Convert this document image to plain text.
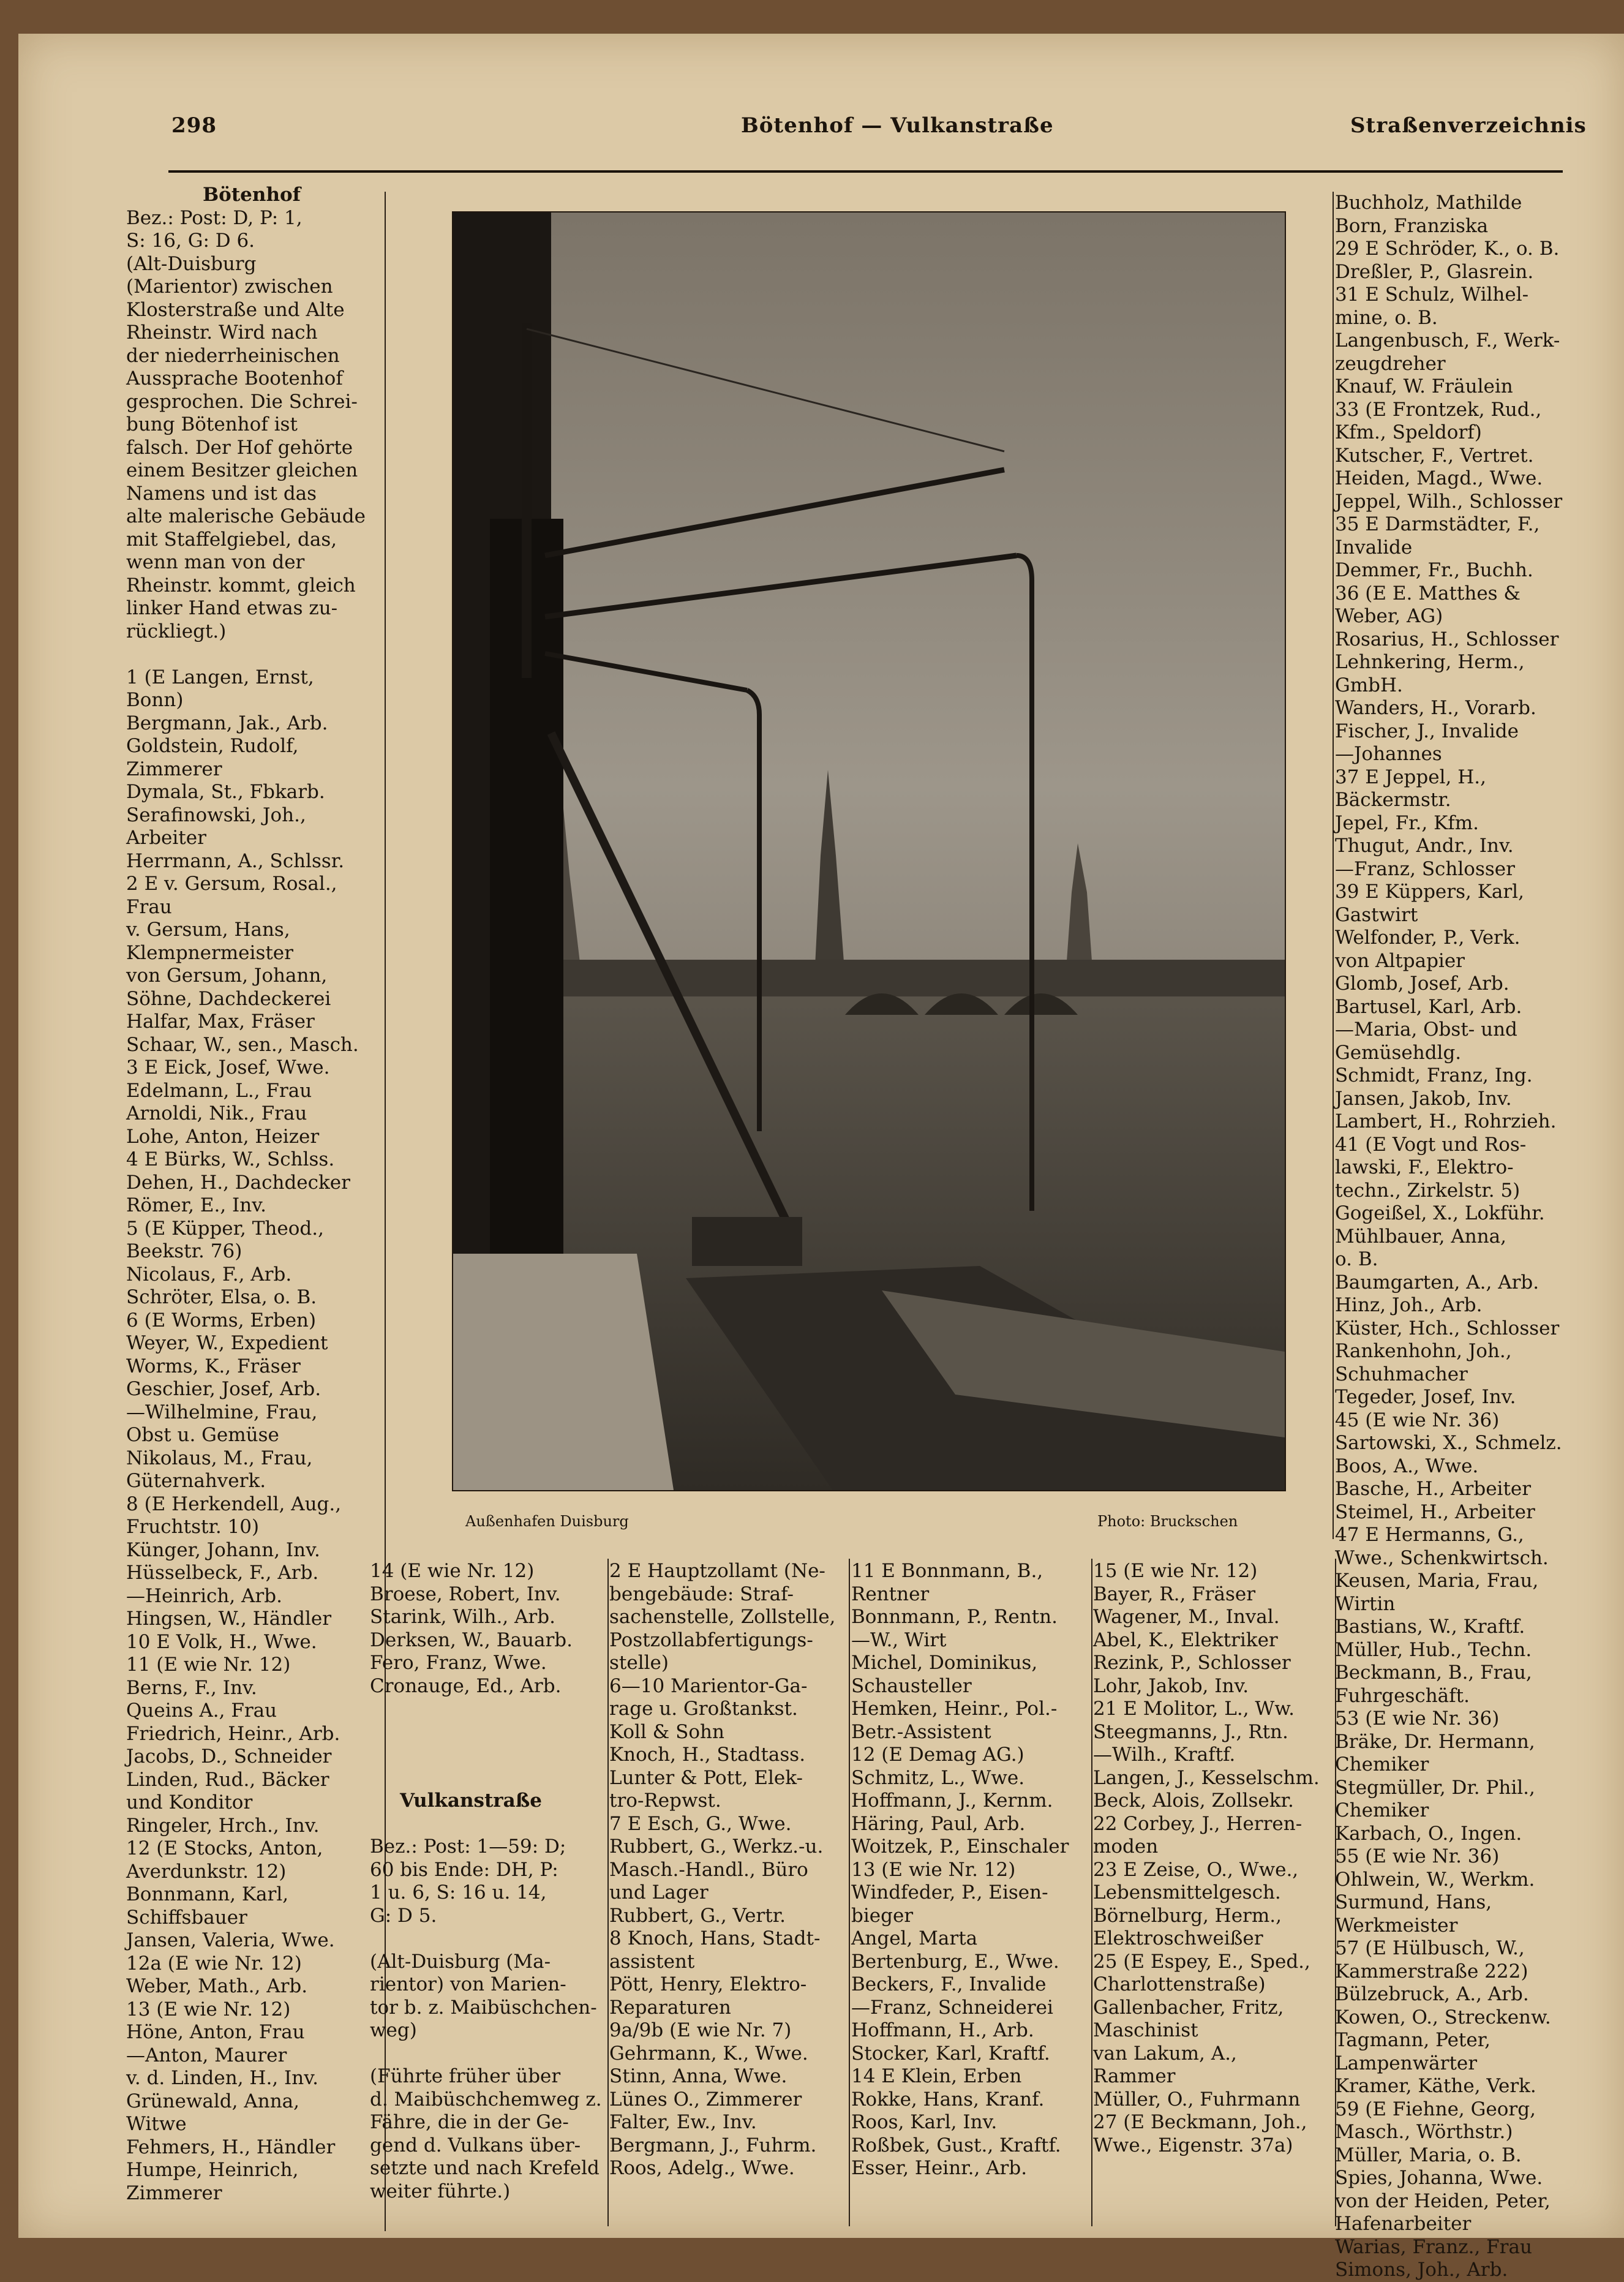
298	Bötenhof — Vulkanstraße	Straßenverzeichnis
Bötenhof
Bez.: Post: D, P: 1,
S: 16, G: D 6.
(Alt-Duisburg
(Marientor) zwischen
Klosterstraße und Alte
Rheinstr. Wird nach
der niederrheinischen
Aussprache Bootenhof
gesprochen. Die Schrei-
bung Bötenhof ist
falsch. Der Hof gehörte
einem Besitzer gleichen
Namens und ist das
alte malerische Gebäude
mit Staffelgiebel, das,
wenn man von der
Rheinstr. kommt, gleich
linker Hand etwas zu-
rückliegt.)

1 (E Langen, Ernst,
Bonn)
Bergmann, Jak., Arb.
Goldstein, Rudolf,
Zimmerer
Dymala, St., Fbkarb.
Serafinowski, Joh.,
Arbeiter
Herrmann, A., Schlssr.
2 E v. Gersum, Rosal.,
Frau
v. Gersum, Hans,
Klempnermeister
von Gersum, Johann,
Söhne, Dachdeckerei
Halfar, Max, Fräser
Schaar, W., sen., Masch.
3 E Eick, Josef, Wwe.
Edelmann, L., Frau
Arnoldi, Nik., Frau
Lohe, Anton, Heizer
4 E Bürks, W., Schlss.
Dehen, H., Dachdecker
Römer, E., Inv.
5 (E Küpper, Theod.,
Beekstr. 76)
Nicolaus, F., Arb.
Schröter, Elsa, o. B.
6 (E Worms, Erben)
Weyer, W., Expedient
Worms, K., Fräser
Geschier, Josef, Arb.
—Wilhelmine, Frau,
Obst u. Gemüse
Nikolaus, M., Frau,
Güternahverk.
8 (E Herkendell, Aug.,
Fruchtstr. 10)
Künger, Johann, Inv.
Hüsselbeck, F., Arb.
—Heinrich, Arb.
Hingsen, W., Händler
10 E Volk, H., Wwe.
11 (E wie Nr. 12)
Berns, F., Inv.
Queins A., Frau
Friedrich, Heinr., Arb.
Jacobs, D., Schneider
Linden, Rud., Bäcker
und Konditor
Ringeler, Hrch., Inv.
12 (E Stocks, Anton,
Averdunkstr. 12)
Bonnmann, Karl,
Schiffsbauer
Jansen, Valeria, Wwe.
12a (E wie Nr. 12)
Weber, Math., Arb.
13 (E wie Nr. 12)
Höne, Anton, Frau
—Anton, Maurer
v. d. Linden, H., Inv.
Grünewald, Anna,
Witwe
Fehmers, H., Händler
Humpe, Heinrich,
Zimmerer
Außenhafen Duisburg	Photo: Bruckschen
14 (E wie Nr. 12)
Broese, Robert, Inv.
Starink, Wilh., Arb.
Derksen, W., Bauarb.
Fero, Franz, Wwe.
Cronauge, Ed., Arb.

Vulkanstraße

Bez.: Post: 1—59: D;
60 bis Ende: DH, P:
1 u. 6, S: 16 u. 14,
G: D 5.

(Alt-Duisburg (Ma-
rientor) von Marien-
tor b. z. Maibüschchen-
weg)

(Führte früher über
d. Maibüschchemweg z.
Fähre, die in der Ge-
gend d. Vulkans über-
setzte und nach Krefeld
weiter führte.)
2 E Hauptzollamt (Ne-
bengebäude: Straf-
sachenstelle, Zollstelle,
Postzollabfertigungs-
stelle)
6—10 Marientor-Ga-
rage u. Großtankst.
Koll & Sohn
Knoch, H., Stadtass.
Lunter & Pott, Elek-
tro-Repwst.
7 E Esch, G., Wwe.
Rubbert, G., Werkz.-u.
Masch.-Handl., Büro
und Lager
Rubbert, G., Vertr.
8 Knoch, Hans, Stadt-
assistent
Pött, Henry, Elektro-
Reparaturen
9a/9b (E wie Nr. 7)
Gehrmann, K., Wwe.
Stinn, Anna, Wwe.
Lünes O., Zimmerer
Falter, Ew., Inv.
Bergmann, J., Fuhrm.
Roos, Adelg., Wwe.
11 E Bonnmann, B.,
Rentner
Bonnmann, P., Rentn.
—W., Wirt
Michel, Dominikus,
Schausteller
Hemken, Heinr., Pol.-
Betr.-Assistent
12 (E Demag AG.)
Schmitz, L., Wwe.
Hoffmann, J., Kernm.
Häring, Paul, Arb.
Woitzek, P., Einschaler
13 (E wie Nr. 12)
Windfeder, P., Eisen-
bieger
Angel, Marta
Bertenburg, E., Wwe.
Beckers, F., Invalide
—Franz, Schneiderei
Hoffmann, H., Arb.
Stocker, Karl, Kraftf.
14 E Klein, Erben
Rokke, Hans, Kranf.
Roos, Karl, Inv.
Roßbek, Gust., Kraftf.
Esser, Heinr., Arb.
15 (E wie Nr. 12)
Bayer, R., Fräser
Wagener, M., Inval.
Abel, K., Elektriker
Rezink, P., Schlosser
Lohr, Jakob, Inv.
21 E Molitor, L., Ww.
Steegmanns, J., Rtn.
—Wilh., Kraftf.
Langen, J., Kesselschm.
Beck, Alois, Zollsekr.
22 Corbey, J., Herren-
moden
23 E Zeise, O., Wwe.,
Lebensmittelgesch.
Börnelburg, Herm.,
Elektroschweißer
25 (E Espey, E., Sped.,
Charlottenstraße)
Gallenbacher, Fritz,
Maschinist
van Lakum, A.,
Rammer
Müller, O., Fuhrmann
27 (E Beckmann, Joh.,
Wwe., Eigenstr. 37a)
Buchholz, Mathilde
Born, Franziska
29 E Schröder, K., o. B.
Dreßler, P., Glasrein.
31 E Schulz, Wilhel-
mine, o. B.
Langenbusch, F., Werk-
zeugdreher
Knauf, W. Fräulein
33 (E Frontzek, Rud.,
Kfm., Speldorf)
Kutscher, F., Vertret.
Heiden, Magd., Wwe.
Jeppel, Wilh., Schlosser
35 E Darmstädter, F.,
Invalide
Demmer, Fr., Buchh.
36 (E E. Matthes &
Weber, AG)
Rosarius, H., Schlosser
Lehnkering, Herm.,
GmbH.
Wanders, H., Vorarb.
Fischer, J., Invalide
—Johannes
37 E Jeppel, H.,
Bäckermstr.
Jepel, Fr., Kfm.
Thugut, Andr., Inv.
—Franz, Schlosser
39 E Küppers, Karl,
Gastwirt
Welfonder, P., Verk.
von Altpapier
Glomb, Josef, Arb.
Bartusel, Karl, Arb.
—Maria, Obst- und
Gemüsehdlg.
Schmidt, Franz, Ing.
Jansen, Jakob, Inv.
Lambert, H., Rohrzieh.
41 (E Vogt und Ros-
lawski, F., Elektro-
techn., Zirkelstr. 5)
Gogeißel, X., Lokführ.
Mühlbauer, Anna,
o. B.
Baumgarten, A., Arb.
Hinz, Joh., Arb.
Küster, Hch., Schlosser
Rankenhohn, Joh.,
Schuhmacher
Tegeder, Josef, Inv.
45 (E wie Nr. 36)
Sartowski, X., Schmelz.
Boos, A., Wwe.
Basche, H., Arbeiter
Steimel, H., Arbeiter
47 E Hermanns, G.,
Wwe., Schenkwirtsch.
Keusen, Maria, Frau,
Wirtin
Bastians, W., Kraftf.
Müller, Hub., Techn.
Beckmann, B., Frau,
Fuhrgeschäft.
53 (E wie Nr. 36)
Bräke, Dr. Hermann,
Chemiker
Stegmüller, Dr. Phil.,
Chemiker
Karbach, O., Ingen.
55 (E wie Nr. 36)
Ohlwein, W., Werkm.
Surmund, Hans,
Werkmeister
57 (E Hülbusch, W.,
Kammerstraße 222)
Bülzebruck, A., Arb.
Kowen, O., Streckenw.
Tagmann, Peter,
Lampenwärter
Kramer, Käthe, Verk.
59 (E Fiehne, Georg,
Masch., Wörthstr.)
Müller, Maria, o. B.
Spies, Johanna, Wwe.
von der Heiden, Peter,
Hafenarbeiter
Warias, Franz., Frau
Simons, Joh., Arb.
